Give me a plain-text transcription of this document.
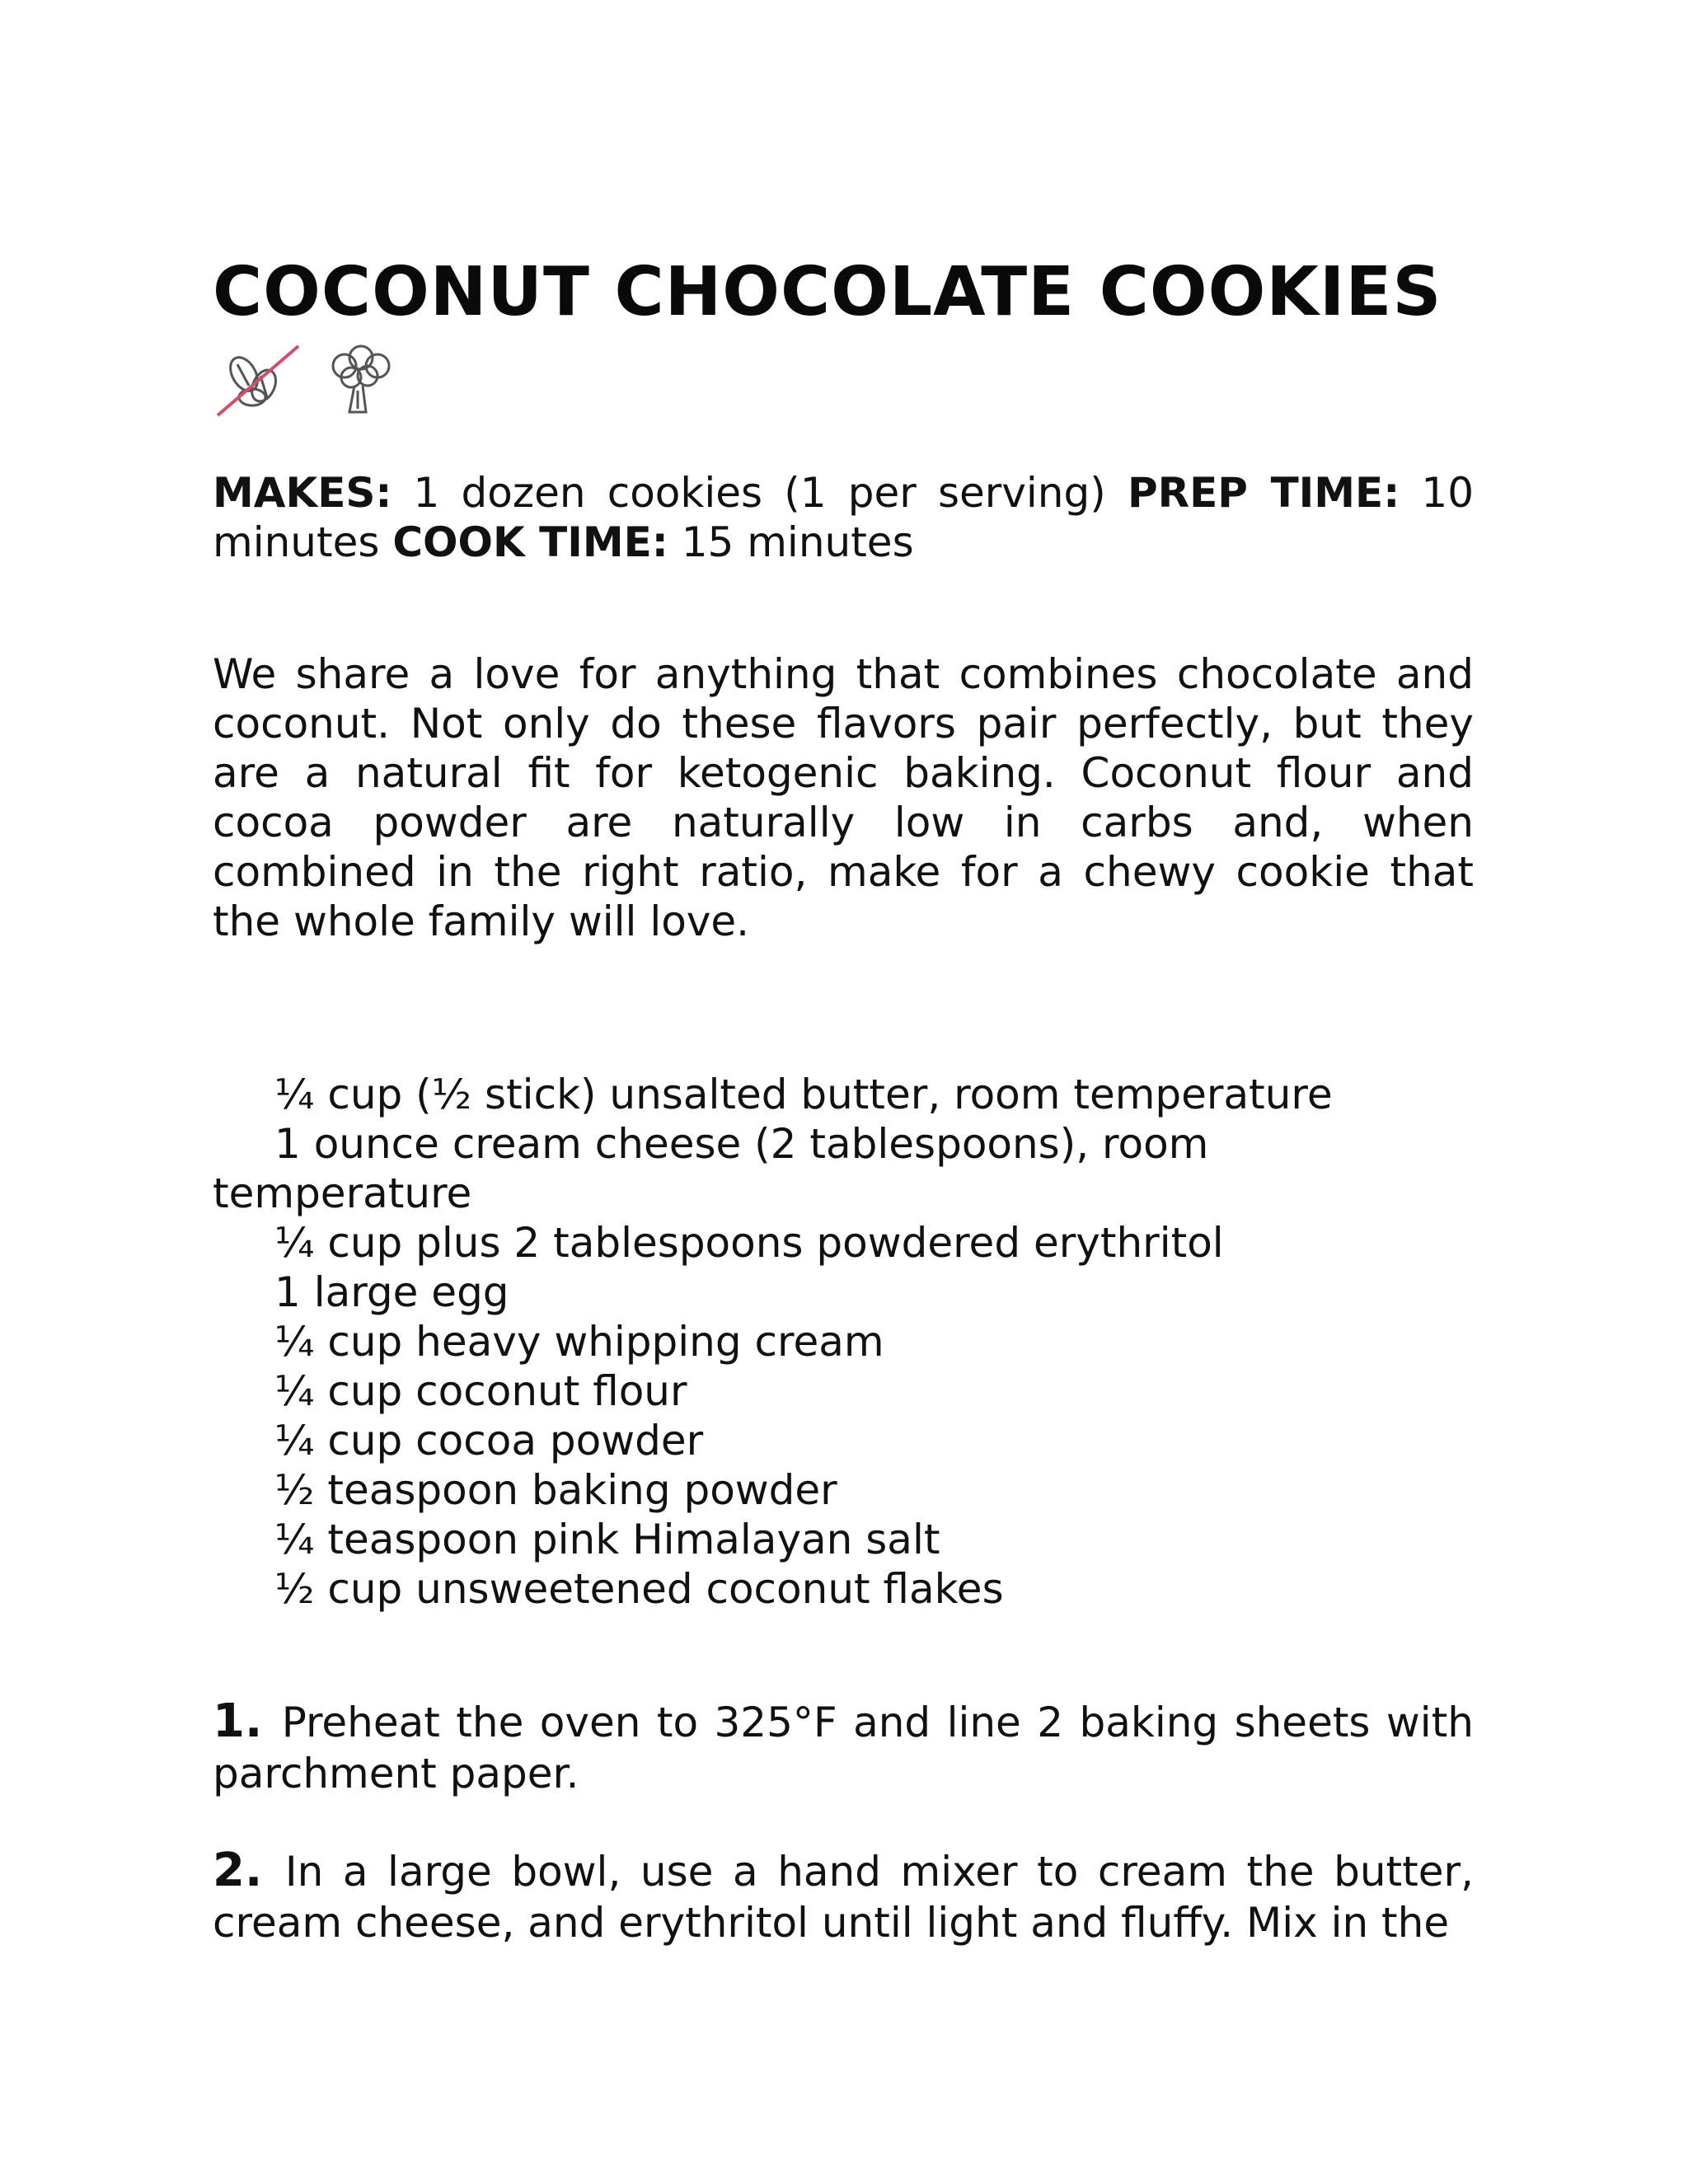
COCONUT CHOCOLATE COOKIES
MAKES: 1 dozen cookies (1 per serving) PREP TIME: 10 minutes COOK TIME: 15 minutes

We share a love for anything that combines chocolate and coconut. Not only do these flavors pair perfectly, but they are a natural fit for ketogenic baking. Coconut flour and cocoa powder are naturally low in carbs and, when combined in the right ratio, make for a chewy cookie that the whole family will love.

¼ cup (½ stick) unsalted butter, room temperature
1 ounce cream cheese (2 tablespoons), room temperature
¼ cup plus 2 tablespoons powdered erythritol
1 large egg
¼ cup heavy whipping cream
¼ cup coconut flour
¼ cup cocoa powder
½ teaspoon baking powder
¼ teaspoon pink Himalayan salt
½ cup unsweetened coconut flakes
1. Preheat the oven to 325°F and line 2 baking sheets with parchment paper.
2. In a large bowl, use a hand mixer to cream the butter, cream cheese, and erythritol until light and fluffy. Mix in the
